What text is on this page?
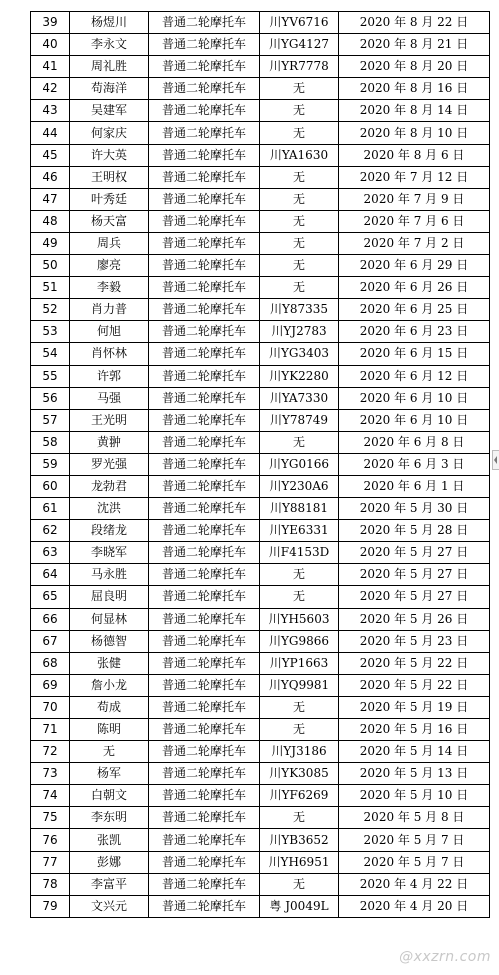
39	杨煜川	普通二轮摩托车	川YV6716	2020 年 8 月 22 日
40	李永文	普通二轮摩托车	川YG4127	2020 年 8 月 21 日
41	周礼胜	普通二轮摩托车	川YR7778	2020 年 8 月 20 日
42	苟海洋	普通二轮摩托车	无	2020 年 8 月 16 日
43	吴建军	普通二轮摩托车	无	2020 年 8 月 14 日
44	何家庆	普通二轮摩托车	无	2020 年 8 月 10 日
45	许大英	普通二轮摩托车	川YA1630	2020 年 8 月 6 日
46	王明权	普通二轮摩托车	无	2020 年 7 月 12 日
47	叶秀廷	普通二轮摩托车	无	2020 年 7 月 9 日
48	杨天富	普通二轮摩托车	无	2020 年 7 月 6 日
49	周兵	普通二轮摩托车	无	2020 年 7 月 2 日
50	廖亮	普通二轮摩托车	无	2020 年 6 月 29 日
51	李毅	普通二轮摩托车	无	2020 年 6 月 26 日
52	肖力普	普通二轮摩托车	川Y87335	2020 年 6 月 25 日
53	何旭	普通二轮摩托车	川YJ2783	2020 年 6 月 23 日
54	肖怀林	普通二轮摩托车	川YG3403	2020 年 6 月 15 日
55	许郭	普通二轮摩托车	川YK2280	2020 年 6 月 12 日
56	马强	普通二轮摩托车	川YA7330	2020 年 6 月 10 日
57	王光明	普通二轮摩托车	川Y78749	2020 年 6 月 10 日
58	黄翀	普通二轮摩托车	无	2020 年 6 月 8 日
59	罗光强	普通二轮摩托车	川YG0166	2020 年 6 月 3 日
60	龙勃君	普通二轮摩托车	川Y230A6	2020 年 6 月 1 日
61	沈洪	普通二轮摩托车	川Y88181	2020 年 5 月 30 日
62	段绪龙	普通二轮摩托车	川YE6331	2020 年 5 月 28 日
63	李晓军	普通二轮摩托车	川F4153D	2020 年 5 月 27 日
64	马永胜	普通二轮摩托车	无	2020 年 5 月 27 日
65	屈良明	普通二轮摩托车	无	2020 年 5 月 27 日
66	何显林	普通二轮摩托车	川YH5603	2020 年 5 月 26 日
67	杨德智	普通二轮摩托车	川YG9866	2020 年 5 月 23 日
68	张健	普通二轮摩托车	川YP1663	2020 年 5 月 22 日
69	詹小龙	普通二轮摩托车	川YQ9981	2020 年 5 月 22 日
70	苟成	普通二轮摩托车	无	2020 年 5 月 19 日
71	陈明	普通二轮摩托车	无	2020 年 5 月 16 日
72	无	普通二轮摩托车	川YJ3186	2020 年 5 月 14 日
73	杨军	普通二轮摩托车	川YK3085	2020 年 5 月 13 日
74	白朝文	普通二轮摩托车	川YF6269	2020 年 5 月 10 日
75	李东明	普通二轮摩托车	无	2020 年 5 月 8 日
76	张凯	普通二轮摩托车	川YB3652	2020 年 5 月 7 日
77	彭娜	普通二轮摩托车	川YH6951	2020 年 5 月 7 日
78	李富平	普通二轮摩托车	无	2020 年 4 月 22 日
79	文兴元	普通二轮摩托车	粤 J0049L	2020 年 4 月 20 日
@xxzrn.com
